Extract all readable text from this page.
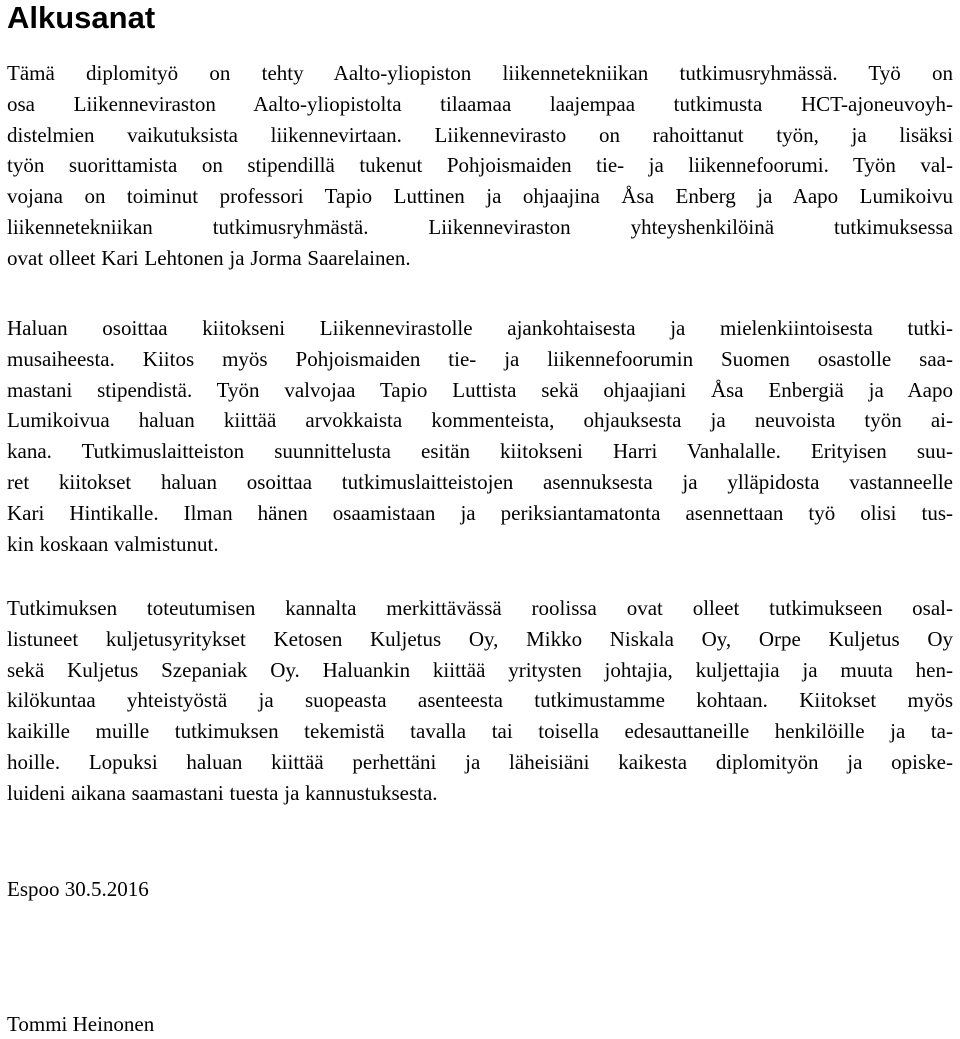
Alkusanat
Tämä diplomityö on tehty Aalto-yliopiston liikennetekniikan tutkimusryhmässä. Työ on
osa Liikenneviraston Aalto-yliopistolta tilaamaa laajempaa tutkimusta HCT-ajoneuvoyh-
distelmien vaikutuksista liikennevirtaan. Liikennevirasto on rahoittanut työn, ja lisäksi
työn suorittamista on stipendillä tukenut Pohjoismaiden tie- ja liikennefoorumi. Työn val-
vojana on toiminut professori Tapio Luttinen ja ohjaajina Åsa Enberg ja Aapo Lumikoivu
liikennetekniikan tutkimusryhmästä. Liikenneviraston yhteyshenkilöinä tutkimuksessa
ovat olleet Kari Lehtonen ja Jorma Saarelainen.
Haluan osoittaa kiitokseni Liikennevirastolle ajankohtaisesta ja mielenkiintoisesta tutki-
musaiheesta. Kiitos myös Pohjoismaiden tie- ja liikennefoorumin Suomen osastolle saa-
mastani stipendistä. Työn valvojaa Tapio Luttista sekä ohjaajiani Åsa Enbergiä ja Aapo
Lumikoivua haluan kiittää arvokkaista kommenteista, ohjauksesta ja neuvoista työn ai-
kana. Tutkimuslaitteiston suunnittelusta esitän kiitokseni Harri Vanhalalle. Erityisen suu-
ret kiitokset haluan osoittaa tutkimuslaitteistojen asennuksesta ja ylläpidosta vastanneelle
Kari Hintikalle. Ilman hänen osaamistaan ja periksiantamatonta asennettaan työ olisi tus-
kin koskaan valmistunut.
Tutkimuksen toteutumisen kannalta merkittävässä roolissa ovat olleet tutkimukseen osal-
listuneet kuljetusyritykset Ketosen Kuljetus Oy, Mikko Niskala Oy, Orpe Kuljetus Oy
sekä Kuljetus Szepaniak Oy. Haluankin kiittää yritysten johtajia, kuljettajia ja muuta hen-
kilökuntaa yhteistyöstä ja suopeasta asenteesta tutkimustamme kohtaan. Kiitokset myös
kaikille muille tutkimuksen tekemistä tavalla tai toisella edesauttaneille henkilöille ja ta-
hoille. Lopuksi haluan kiittää perhettäni ja läheisiäni kaikesta diplomityön ja opiske-
luideni aikana saamastani tuesta ja kannustuksesta.
Espoo 30.5.2016
Tommi Heinonen
